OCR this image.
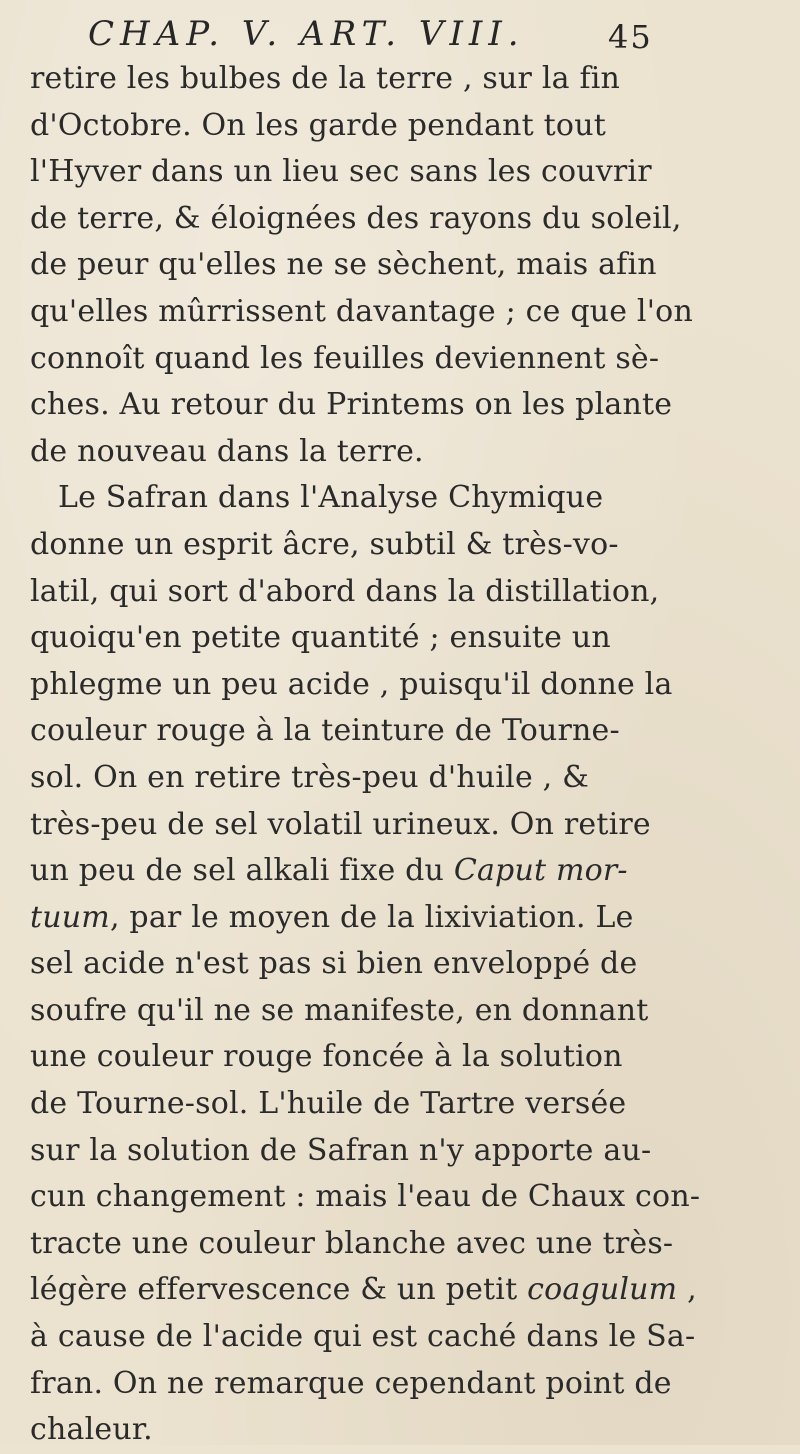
CHAP. V. ART. VIII.	45
retire les bulbes de la terre , sur la fin
d'Octobre. On les garde pendant tout
l'Hyver dans un lieu sec sans les couvrir
de terre, & éloignées des rayons du soleil,
de peur qu'elles ne se sèchent, mais afin
qu'elles mûrrissent davantage ; ce que l'on
connoît quand les feuilles deviennent sè-
ches. Au retour du Printems on les plante
de nouveau dans la terre.
Le Safran dans l'Analyse Chymique
donne un esprit âcre, subtil & très-vo-
latil, qui sort d'abord dans la distillation,
quoiqu'en petite quantité ; ensuite un
phlegme un peu acide , puisqu'il donne la
couleur rouge à la teinture de Tourne-
sol. On en retire très-peu d'huile , &
très-peu de sel volatil urineux. On retire
un peu de sel alkali fixe du Caput mor-
tuum, par le moyen de la lixiviation. Le
sel acide n'est pas si bien enveloppé de
soufre qu'il ne se manifeste, en donnant
une couleur rouge foncée à la solution
de Tourne-sol. L'huile de Tartre versée
sur la solution de Safran n'y apporte au-
cun changement : mais l'eau de Chaux con-
tracte une couleur blanche avec une très-
légère effervescence & un petit coagulum ,
à cause de l'acide qui est caché dans le Sa-
fran. On ne remarque cependant point de
chaleur.
